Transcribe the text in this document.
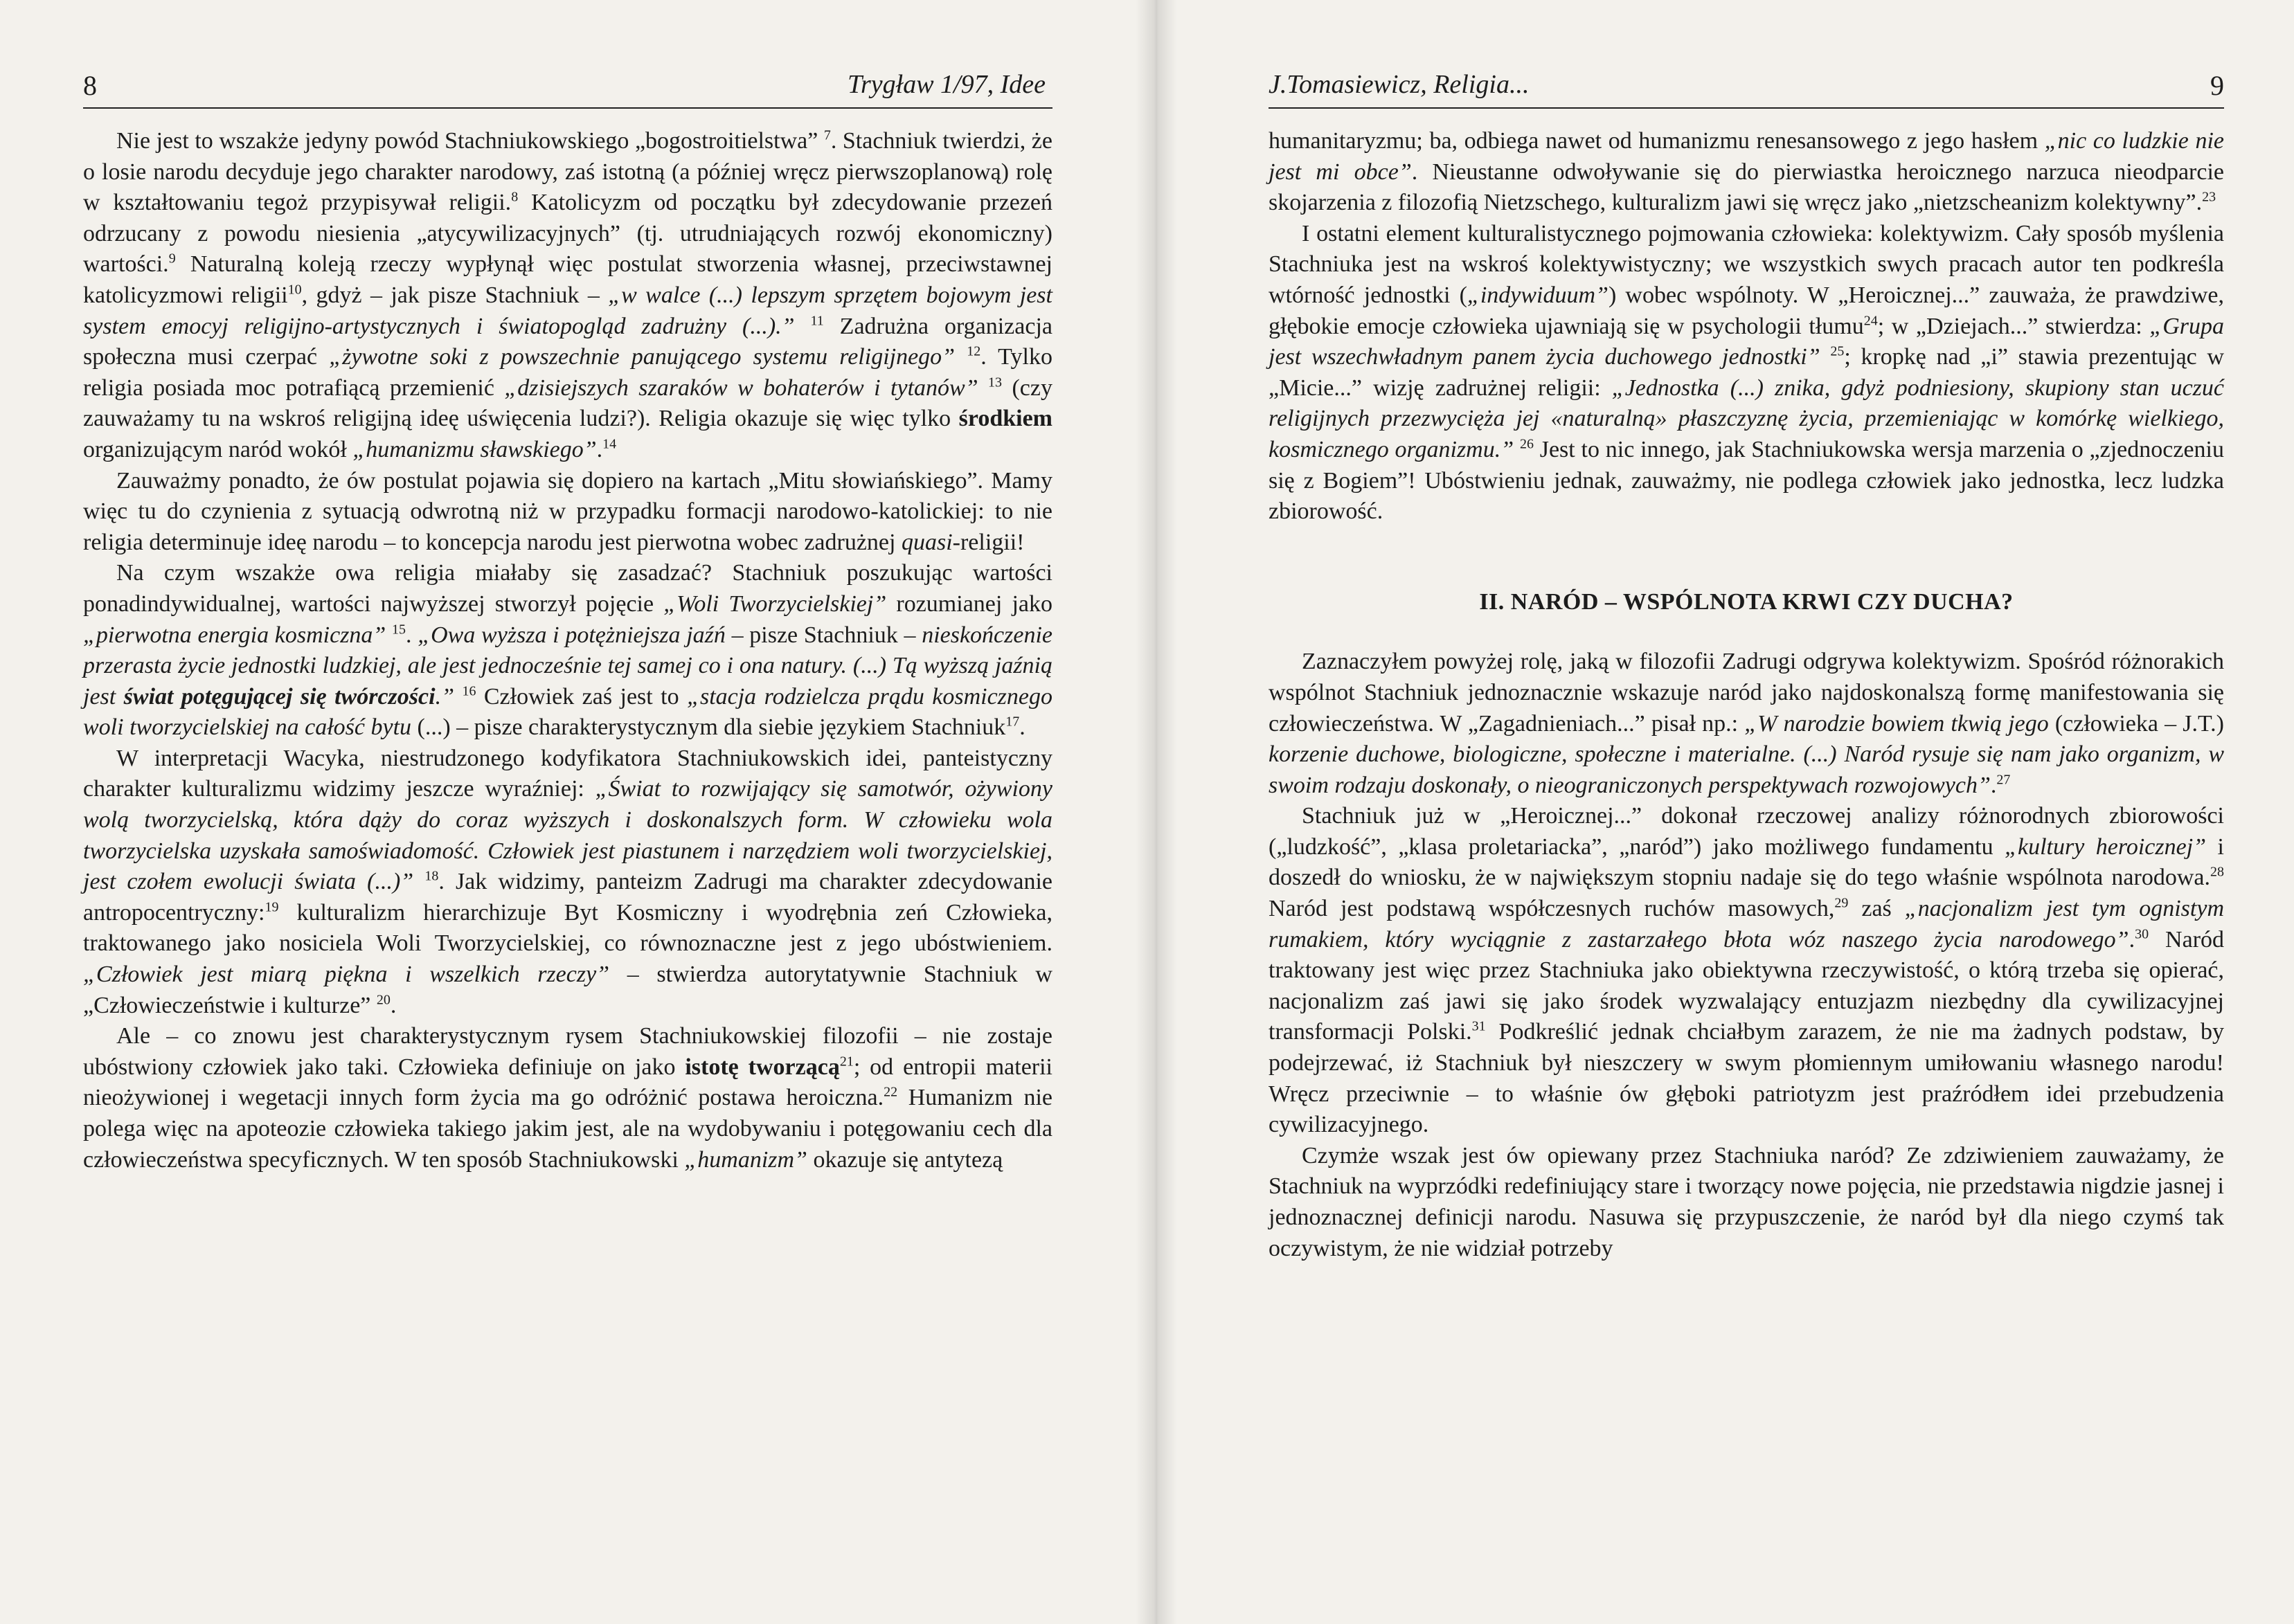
8	Trygław 1/97, Idee

Nie jest to wszakże jedyny powód Stachniukowskiego „bogostroitielstwa” $^7$. Stachniuk twierdzi, że o losie narodu decyduje jego charakter narodowy, zaś istotną (a później wręcz pierwszoplanową) rolę w kształtowaniu tegoż przypisywał religii.$^8$ Katolicyzm od początku był zdecydowanie przezeń odrzucany z powodu niesienia „atycywilizacyjnych” (tj. utrudniających rozwój ekonomiczny) wartości.$^9$ Naturalną koleją rzeczy wypłynął więc postulat stworzenia własnej, przeciwstawnej katolicyzmowi religii$^{10}$, gdyż – jak pisze Stachniuk – „w walce (...) lepszym sprzętem bojowym jest system emocyj religijno-artystycznych i światopogląd zadrużny (...).” $^{11}$ Zadrużna organizacja społeczna musi czerpać „żywotne soki z powszechnie panującego systemu religijnego” $^{12}$. Tylko religia posiada moc potrafiącą przemienić „dzisiejszych szaraków w bohaterów i tytanów” $^{13}$ (czy zauważamy tu na wskroś religijną ideę uświęcenia ludzi?). Religia okazuje się więc tylko środkiem organizującym naród wokół „humanizmu sławskiego”.$^{14}$

Zauważmy ponadto, że ów postulat pojawia się dopiero na kartach „Mitu słowiańskiego”. Mamy więc tu do czynienia z sytuacją odwrotną niż w przypadku formacji narodowo-katolickiej: to nie religia determinuje ideę narodu – to koncepcja narodu jest pierwotna wobec zadrużnej quasi-religii!

Na czym wszakże owa religia miałaby się zasadzać? Stachniuk poszukując wartości ponadindywidualnej, wartości najwyższej stworzył pojęcie „Woli Tworzycielskiej” rozumianej jako „pierwotna energia kosmiczna” $^{15}$. „Owa wyższa i potężniejsza jaźń – pisze Stachniuk – nieskończenie przerasta życie jednostki ludzkiej, ale jest jednocześnie tej samej co i ona natury. (...) Tą wyższą jaźnią jest świat potęgującej się twórczości.” $^{16}$ Człowiek zaś jest to „stacja rodzielcza prądu kosmicznego woli tworzycielskiej na całość bytu (...) – pisze charakterystycznym dla siebie językiem Stachniuk$^{17}$.

W interpretacji Wacyka, niestrudzonego kodyfikatora Stachniukowskich idei, panteistyczny charakter kulturalizmu widzimy jeszcze wyraźniej: „Świat to rozwijający się samotwór, ożywiony wolą tworzycielską, która dąży do coraz wyższych i doskonalszych form. W człowieku wola tworzycielska uzyskała samoświadomość. Człowiek jest piastunem i narzędziem woli tworzycielskiej, jest czołem ewolucji świata (...)” $^{18}$. Jak widzimy, panteizm Zadrugi ma charakter zdecydowanie antropocentryczny:$^{19}$ kulturalizm hierarchizuje Byt Kosmiczny i wyodrębnia zeń Człowieka, traktowanego jako nosiciela Woli Tworzycielskiej, co równoznaczne jest z jego ubóstwieniem. „Człowiek jest miarą piękna i wszelkich rzeczy” – stwierdza autorytatywnie Stachniuk w „Człowieczeństwie i kulturze” $^{20}$.

Ale – co znowu jest charakterystycznym rysem Stachniukowskiej filozofii – nie zostaje ubóstwiony człowiek jako taki. Człowieka definiuje on jako istotę tworzącą$^{21}$; od entropii materii nieożywionej i wegetacji innych form życia ma go odróżnić postawa heroiczna.$^{22}$ Humanizm nie polega więc na apoteozie człowieka takiego jakim jest, ale na wydobywaniu i potęgowaniu cech dla człowieczeństwa specyficznych. W ten sposób Stachniukowski „humanizm” okazuje się antytezą

J.Tomasiewicz, Religia...	9

humanitaryzmu; ba, odbiega nawet od humanizmu renesansowego z jego hasłem „nic co ludzkie nie jest mi obce”. Nieustanne odwoływanie się do pierwiastka heroicznego narzuca nieodparcie skojarzenia z filozofią Nietzschego, kulturalizm jawi się wręcz jako „nietzscheanizm kolektywny”.$^{23}$

I ostatni element kulturalistycznego pojmowania człowieka: kolektywizm. Cały sposób myślenia Stachniuka jest na wskroś kolektywistyczny; we wszystkich swych pracach autor ten podkreśla wtórność jednostki („indywiduum”) wobec wspólnoty. W „Heroicznej...” zauważa, że prawdziwe, głębokie emocje człowieka ujawniają się w psychologii tłumu$^{24}$; w „Dziejach...” stwierdza: „Grupa jest wszechwładnym panem życia duchowego jednostki” $^{25}$; kropkę nad „i” stawia prezentując w „Micie...” wizję zadrużnej religii: „Jednostka (...) znika, gdyż podniesiony, skupiony stan uczuć religijnych przezwycięża jej «naturalną» płaszczyznę życia, przemieniając w komórkę wielkiego, kosmicznego organizmu.” $^{26}$ Jest to nic innego, jak Stachniukowska wersja marzenia o „zjednoczeniu się z Bogiem”! Ubóstwieniu jednak, zauważmy, nie podlega człowiek jako jednostka, lecz ludzka zbiorowość.

II. NARÓD – WSPÓLNOTA KRWI CZY DUCHA?

Zaznaczyłem powyżej rolę, jaką w filozofii Zadrugi odgrywa kolektywizm. Spośród różnorakich wspólnot Stachniuk jednoznacznie wskazuje naród jako najdoskonalszą formę manifestowania się człowieczeństwa. W „Zagadnieniach...” pisał np.: „W narodzie bowiem tkwią jego (człowieka – J.T.) korzenie duchowe, biologiczne, społeczne i materialne. (...) Naród rysuje się nam jako organizm, w swoim rodzaju doskonały, o nieograniczonych perspektywach rozwojowych”.$^{27}$

Stachniuk już w „Heroicznej...” dokonał rzeczowej analizy różnorodnych zbiorowości („ludzkość”, „klasa proletariacka”, „naród”) jako możliwego fundamentu „kultury heroicznej” i doszedł do wniosku, że w największym stopniu nadaje się do tego właśnie wspólnota narodowa.$^{28}$ Naród jest podstawą współczesnych ruchów masowych,$^{29}$ zaś „nacjonalizm jest tym ognistym rumakiem, który wyciągnie z zastarzałego błota wóz naszego życia narodowego”.$^{30}$ Naród traktowany jest więc przez Stachniuka jako obiektywna rzeczywistość, o którą trzeba się opierać, nacjonalizm zaś jawi się jako środek wyzwalający entuzjazm niezbędny dla cywilizacyjnej transformacji Polski.$^{31}$ Podkreślić jednak chciałbym zarazem, że nie ma żadnych podstaw, by podejrzewać, iż Stachniuk był nieszczery w swym płomiennym umiłowaniu własnego narodu! Wręcz przeciwnie – to właśnie ów głęboki patriotyzm jest praźródłem idei przebudzenia cywilizacyjnego.

Czymże wszak jest ów opiewany przez Stachniuka naród? Ze zdziwieniem zauważamy, że Stachniuk na wyprzódki redefiniujący stare i tworzący nowe pojęcia, nie przedstawia nigdzie jasnej i jednoznacznej definicji narodu. Nasuwa się przypuszczenie, że naród był dla niego czymś tak oczywistym, że nie widział potrzeby
